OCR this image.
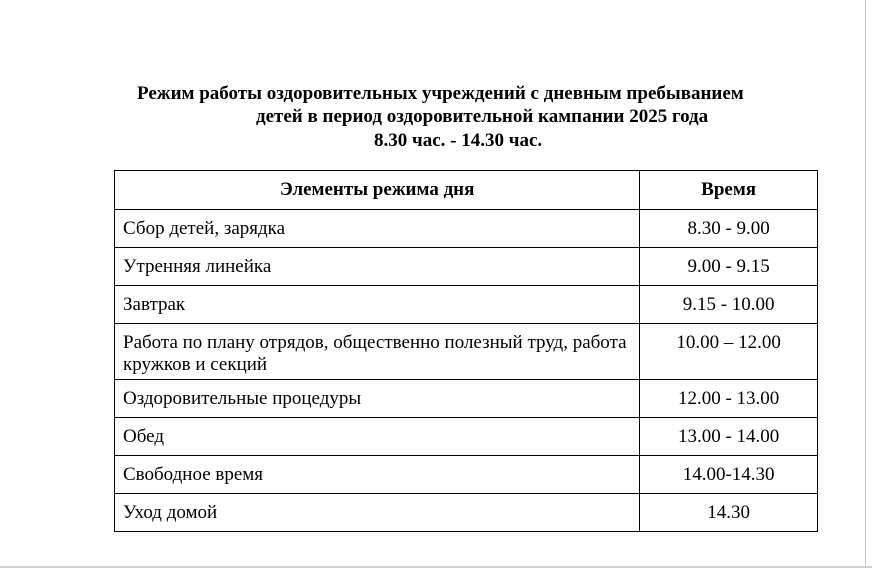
Режим работы оздоровительных учреждений с дневным пребыванием
детей в период оздоровительной кампании 2025 года
8.30 час. - 14.30 час.
Элементы режима дня	Время
Сбор детей, зарядка	8.30 - 9.00
Утренняя линейка	9.00 - 9.15
Завтрак	9.15 - 10.00
Работа по плану отрядов, общественно полезный труд, работа кружков и секций	10.00 – 12.00
Оздоровительные процедуры	12.00 - 13.00
Обед	13.00 - 14.00
Свободное время	14.00-14.30
Уход домой	14.30
